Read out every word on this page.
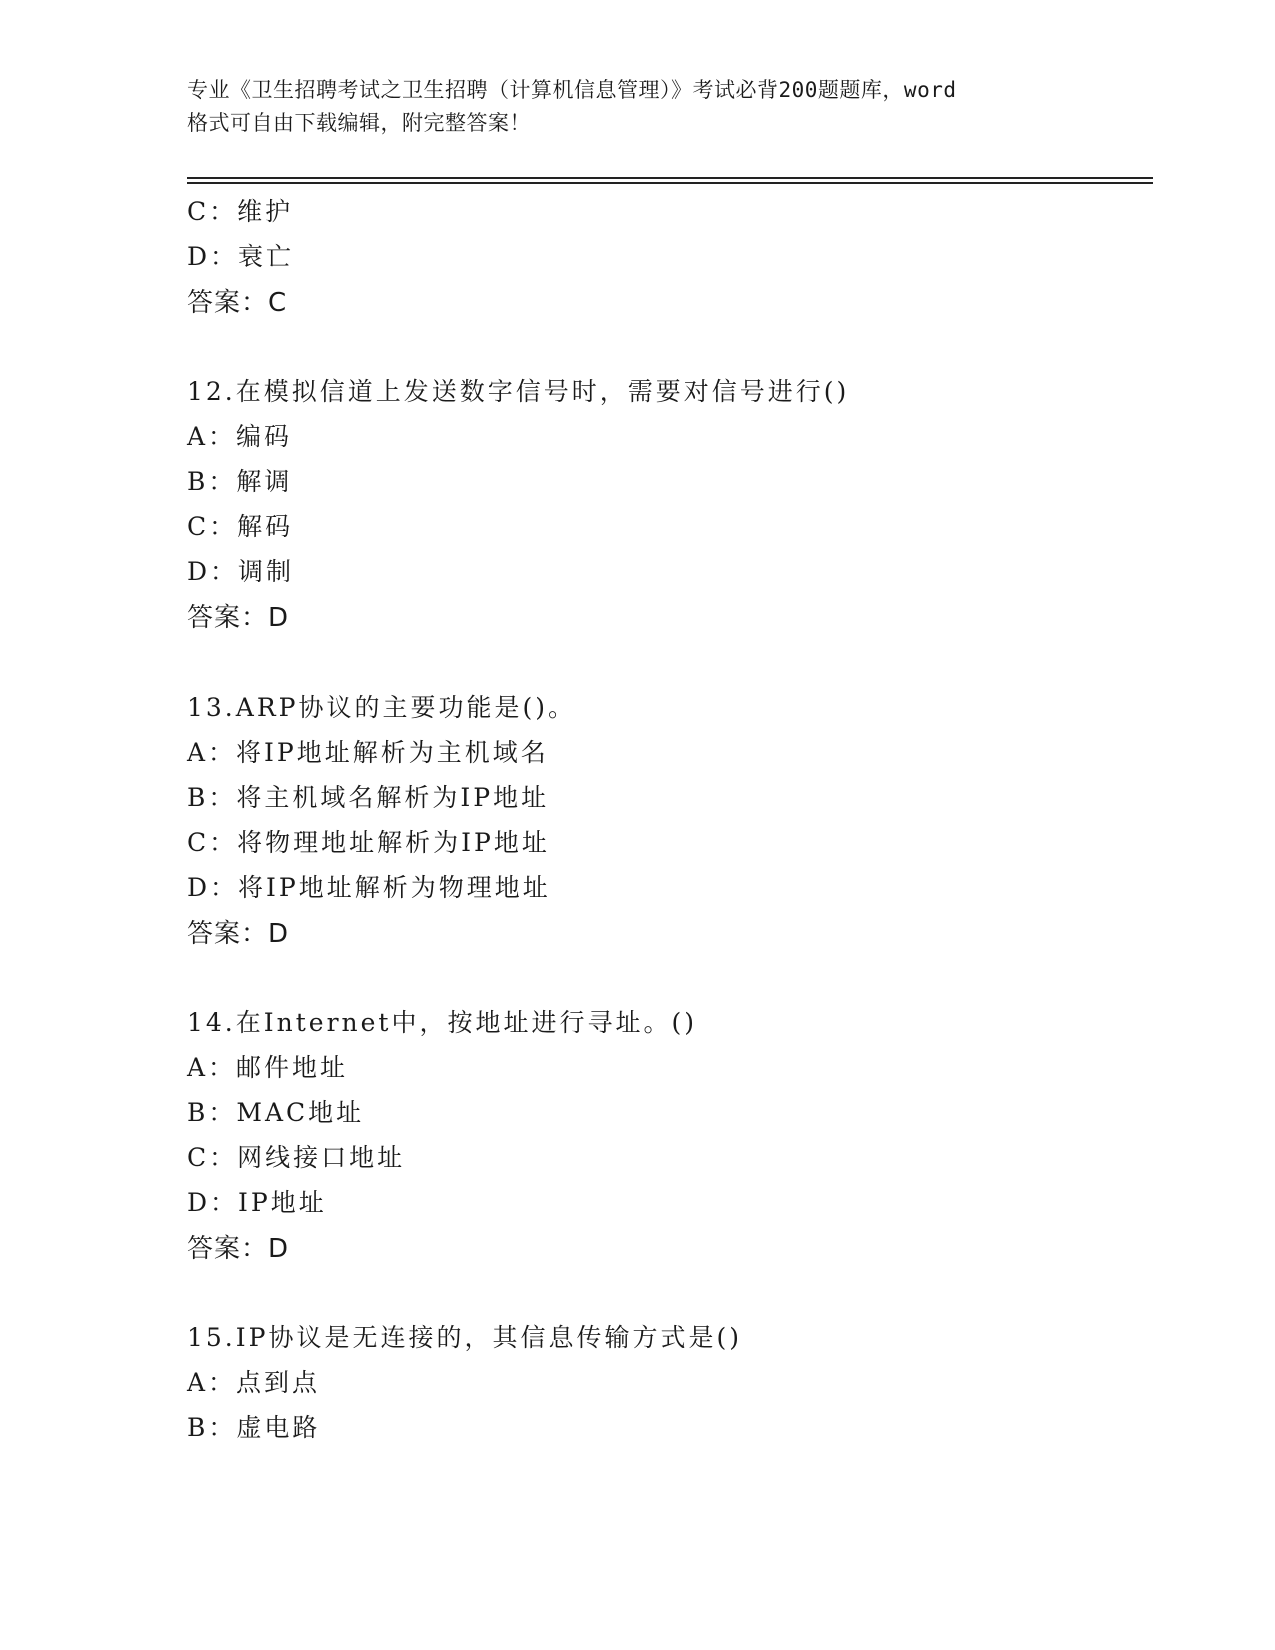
专业《卫生招聘考试之卫生招聘（计算机信息管理）》考试必背200题题库，word
格式可自由下载编辑，附完整答案！
C：维护
D：衰亡
答案：C
12.在模拟信道上发送数字信号时，需要对信号进行()
A：编码
B：解调
C：解码
D：调制
答案：D
13.ARP协议的主要功能是()。
A：将IP地址解析为主机域名
B：将主机域名解析为IP地址
C：将物理地址解析为IP地址
D：将IP地址解析为物理地址
答案：D
14.在Internet中，按地址进行寻址。()
A：邮件地址
B：MAC地址
C：网线接口地址
D：IP地址
答案：D
15.IP协议是无连接的，其信息传输方式是()
A：点到点
B：虚电路
